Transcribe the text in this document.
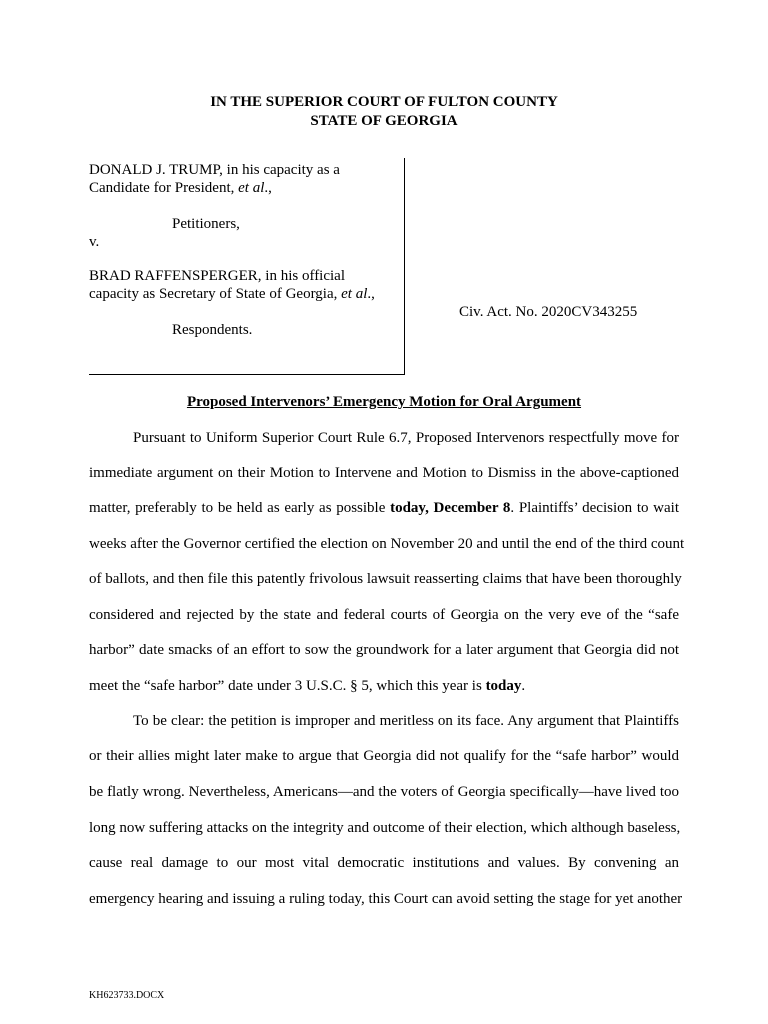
IN THE SUPERIOR COURT OF FULTON COUNTY
STATE OF GEORGIA
DONALD J. TRUMP, in his capacity as a
Candidate for President, et al.,
Petitioners,
v.
BRAD RAFFENSPERGER, in his official
capacity as Secretary of State of Georgia, et al.,
Respondents.
Civ. Act. No. 2020CV343255
Proposed Intervenors’ Emergency Motion for Oral Argument
Pursuant to Uniform Superior Court Rule 6.7, Proposed Intervenors respectfully move for
immediate argument on their Motion to Intervene and Motion to Dismiss in the above-captioned
matter, preferably to be held as early as possible today, December 8. Plaintiffs’ decision to wait
weeks after the Governor certified the election on November 20 and until the end of the third count
of ballots, and then file this patently frivolous lawsuit reasserting claims that have been thoroughly
considered and rejected by the state and federal courts of Georgia on the very eve of the “safe
harbor” date smacks of an effort to sow the groundwork for a later argument that Georgia did not
meet the “safe harbor” date under 3 U.S.C. § 5, which this year is today.
To be clear: the petition is improper and meritless on its face. Any argument that Plaintiffs
or their allies might later make to argue that Georgia did not qualify for the “safe harbor” would
be flatly wrong. Nevertheless, Americans—and the voters of Georgia specifically—have lived too
long now suffering attacks on the integrity and outcome of their election, which although baseless,
cause real damage to our most vital democratic institutions and values. By convening an
emergency hearing and issuing a ruling today, this Court can avoid setting the stage for yet another
KH623733.DOCX
